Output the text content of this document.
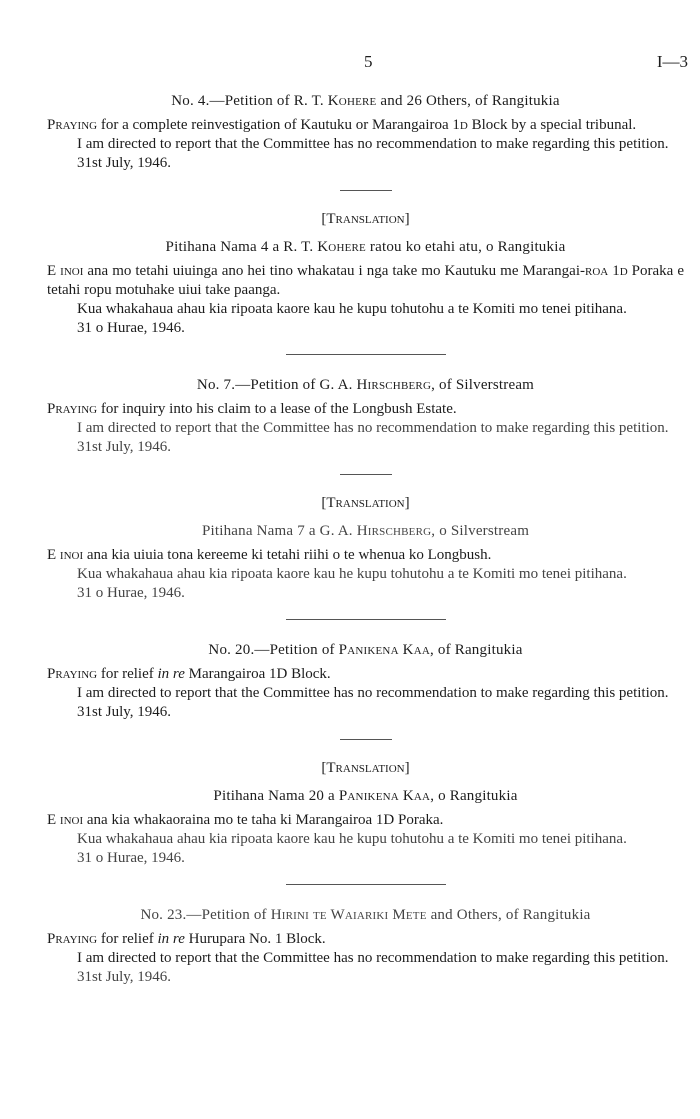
5	I—3
No. 4.—Petition of R. T. Kohere and 26 Others, of Rangitukia

Praying for a complete reinvestigation of Kautuku or Marangairoa 1d Block by a special tribunal.

I am directed to report that the Committee has no recommendation to make regarding this petition.

31st July, 1946.

[Translation]
Pitihana Nama 4 a R. T. Kohere ratou ko etahi atu, o Rangitukia

E inoi ana mo tetahi uiuinga ano hei tino whakatau i nga take mo Kautuku me Marangai-roa 1d Poraka e tetahi ropu motuhake uiui take paanga.

Kua whakahaua ahau kia ripoata kaore kau he kupu tohutohu a te Komiti mo tenei pitihana.

31 o Hurae, 1946.

No. 7.—Petition of G. A. Hirschberg, of Silverstream

Praying for inquiry into his claim to a lease of the Longbush Estate.

I am directed to report that the Committee has no recommendation to make regarding this petition.

31st July, 1946.

[Translation]
Pitihana Nama 7 a G. A. Hirschberg, o Silverstream

E inoi ana kia uiuia tona kereeme ki tetahi riihi o te whenua ko Longbush.

Kua whakahaua ahau kia ripoata kaore kau he kupu tohutohu a te Komiti mo tenei pitihana.

31 o Hurae, 1946.

No. 20.—Petition of Panikena Kaa, of Rangitukia

Praying for relief in re Marangairoa 1D Block.

I am directed to report that the Committee has no recommendation to make regarding this petition.

31st July, 1946.

[Translation]
Pitihana Nama 20 a Panikena Kaa, o Rangitukia

E inoi ana kia whakaoraina mo te taha ki Marangairoa 1D Poraka.

Kua whakahaua ahau kia ripoata kaore kau he kupu tohutohu a te Komiti mo tenei pitihana.

31 o Hurae, 1946.

No. 23.—Petition of Hirini te Waiariki Mete and Others, of Rangitukia

Praying for relief in re Hurupara No. 1 Block.

I am directed to report that the Committee has no recommendation to make regarding this petition.

31st July, 1946.
